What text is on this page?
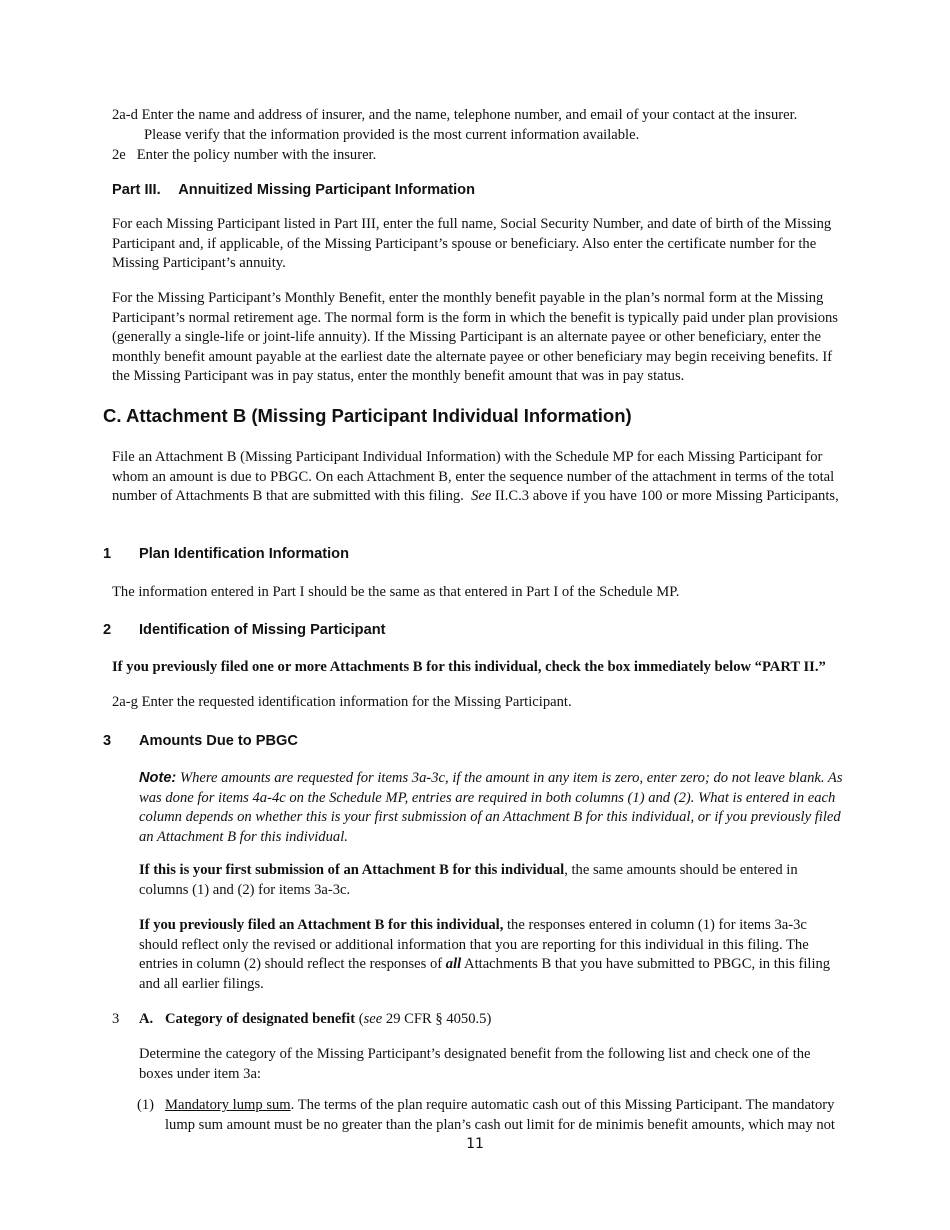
2a-d Enter the name and address of insurer, and the name, telephone number, and email of your contact at the insurer.
Please verify that the information provided is the most current information available.
2e Enter the policy number with the insurer.
Part III. Annuitized Missing Participant Information
For each Missing Participant listed in Part III, enter the full name, Social Security Number, and date of birth of the Missing Participant and, if applicable, of the Missing Participant’s spouse or beneficiary. Also enter the certificate number for the Missing Participant’s annuity.
For the Missing Participant’s Monthly Benefit, enter the monthly benefit payable in the plan’s normal form at the Missing Participant’s normal retirement age. The normal form is the form in which the benefit is typically paid under plan provisions (generally a single-life or joint-life annuity). If the Missing Participant is an alternate payee or other beneficiary, enter the monthly benefit amount payable at the earliest date the alternate payee or other beneficiary may begin receiving benefits. If the Missing Participant was in pay status, enter the monthly benefit amount that was in pay status.
C. Attachment B (Missing Participant Individual Information)
File an Attachment B (Missing Participant Individual Information) with the Schedule MP for each Missing Participant for whom an amount is due to PBGC. On each Attachment B, enter the sequence number of the attachment in terms of the total number of Attachments B that are submitted with this filing. See II.C.3 above if you have 100 or more Missing Participants,
1 Plan Identification Information
The information entered in Part I should be the same as that entered in Part I of the Schedule MP.
2 Identification of Missing Participant
If you previously filed one or more Attachments B for this individual, check the box immediately below “PART II.”
2a-g Enter the requested identification information for the Missing Participant.
3 Amounts Due to PBGC
Note: Where amounts are requested for items 3a-3c, if the amount in any item is zero, enter zero; do not leave blank. As was done for items 4a-4c on the Schedule MP, entries are required in both columns (1) and (2). What is entered in each column depends on whether this is your first submission of an Attachment B for this individual, or if you previously filed an Attachment B for this individual.
If this is your first submission of an Attachment B for this individual, the same amounts should be entered in columns (1) and (2) for items 3a-3c.
If you previously filed an Attachment B for this individual, the responses entered in column (1) for items 3a-3c should reflect only the revised or additional information that you are reporting for this individual in this filing. The entries in column (2) should reflect the responses of all Attachments B that you have submitted to PBGC, in this filing and all earlier filings.
3 A. Category of designated benefit (see 29 CFR § 4050.5)
Determine the category of the Missing Participant’s designated benefit from the following list and check one of the boxes under item 3a:
(1) Mandatory lump sum. The terms of the plan require automatic cash out of this Missing Participant. The mandatory lump sum amount must be no greater than the plan’s cash out limit for de minimis benefit amounts, which may not
11
